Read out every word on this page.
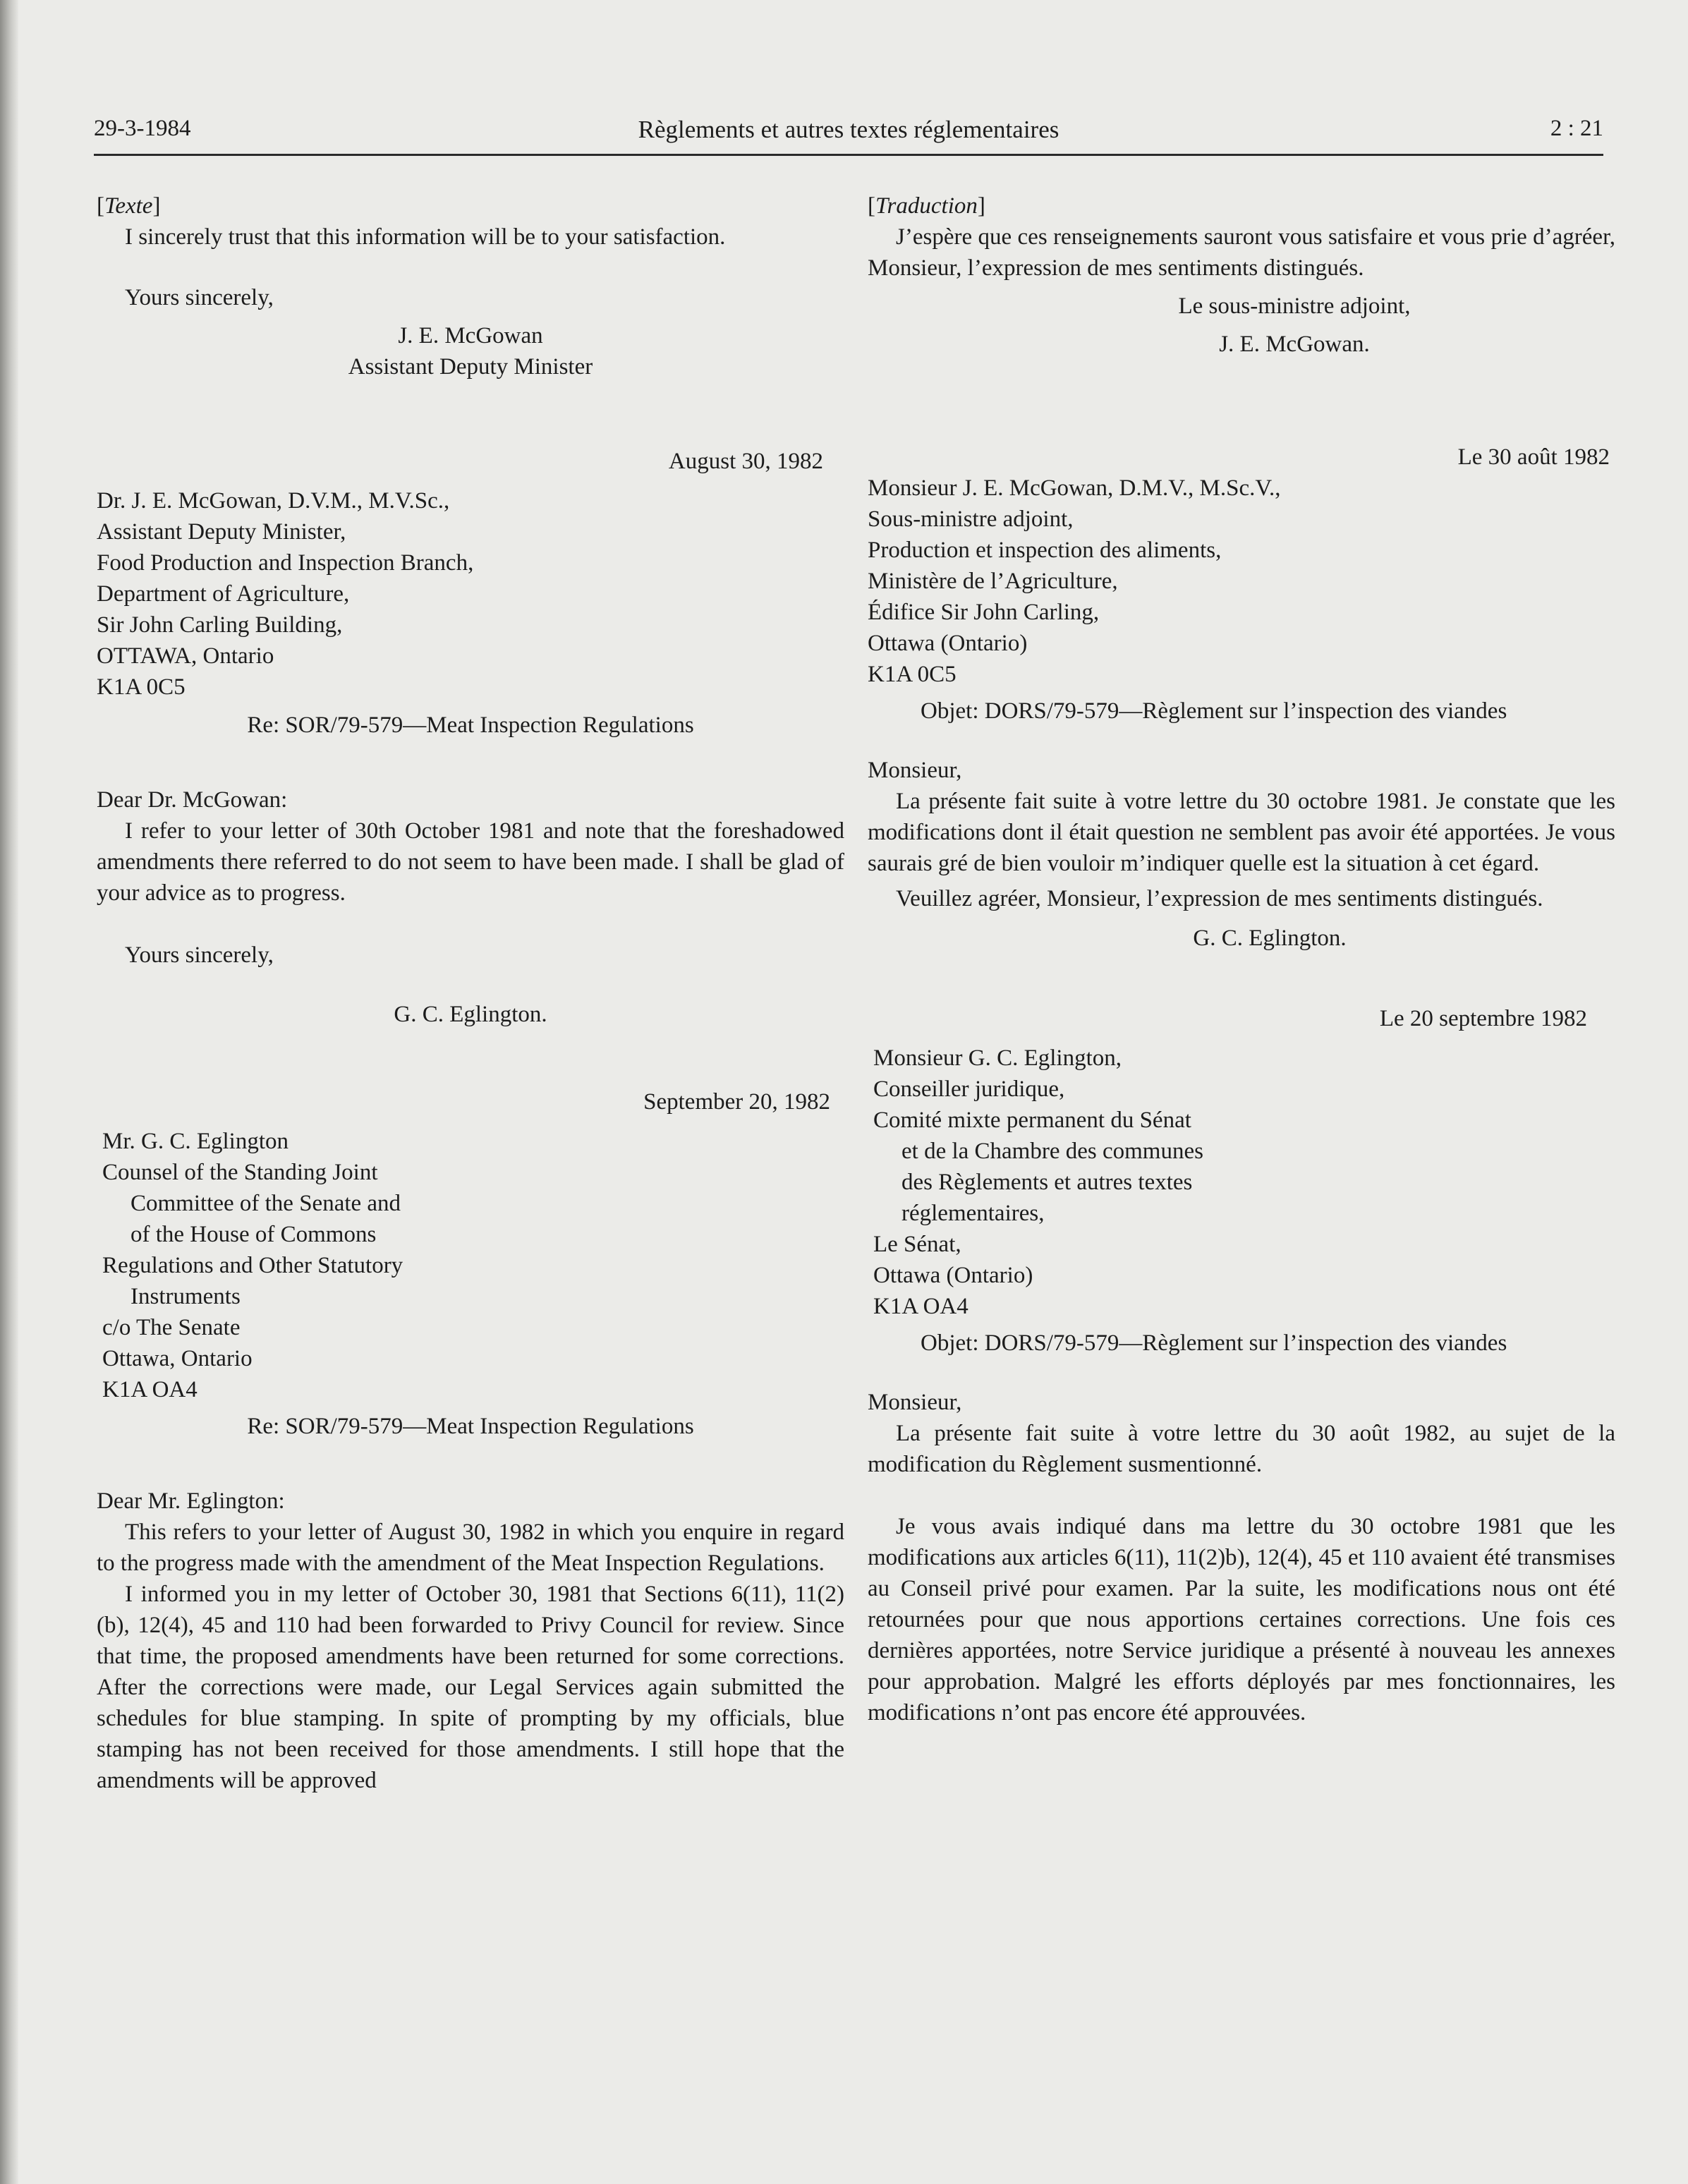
29-3-1984	Règlements et autres textes réglementaires	2 : 21

[Texte]

I sincerely trust that this information will be to your satisfaction.

Yours sincerely,

J. E. McGowan

Assistant Deputy Minister

August 30, 1982

Dr. J. E. McGowan, D.V.M., M.V.Sc.,

Assistant Deputy Minister,

Food Production and Inspection Branch,

Department of Agriculture,

Sir John Carling Building,

OTTAWA, Ontario

K1A 0C5

Re: SOR/79-579—Meat Inspection Regulations

Dear Dr. McGowan:

I refer to your letter of 30th October 1981 and note that the foreshadowed amendments there referred to do not seem to have been made. I shall be glad of your advice as to progress.

Yours sincerely,

G. C. Eglington.

September 20, 1982

Mr. G. C. Eglington

Counsel of the Standing Joint

Committee of the Senate and

of the House of Commons

Regulations and Other Statutory

Instruments

c/o The Senate

Ottawa, Ontario

K1A OA4

Re: SOR/79-579—Meat Inspection Regulations

Dear Mr. Eglington:

This refers to your letter of August 30, 1982 in which you enquire in regard to the progress made with the amendment of the Meat Inspection Regulations.

I informed you in my letter of October 30, 1981 that Sections 6(11), 11(2)(b), 12(4), 45 and 110 had been forwarded to Privy Council for review. Since that time, the proposed amendments have been returned for some corrections. After the corrections were made, our Legal Services again submitted the schedules for blue stamping. In spite of prompting by my officials, blue stamping has not been received for those amendments. I still hope that the amendments will be approved

[Traduction]

J’espère que ces renseignements sauront vous satisfaire et vous prie d’agréer, Monsieur, l’expression de mes sentiments distingués.

Le sous-ministre adjoint,

J. E. McGowan.

Le 30 août 1982

Monsieur J. E. McGowan, D.M.V., M.Sc.V.,

Sous-ministre adjoint,

Production et inspection des aliments,

Ministère de l’Agriculture,

Édifice Sir John Carling,

Ottawa (Ontario)

K1A 0C5

Objet: DORS/79-579—Règlement sur l’inspection des viandes

Monsieur,

La présente fait suite à votre lettre du 30 octobre 1981. Je constate que les modifications dont il était question ne semblent pas avoir été apportées. Je vous saurais gré de bien vouloir m’indiquer quelle est la situation à cet égard.

Veuillez agréer, Monsieur, l’expression de mes sentiments distingués.

G. C. Eglington.

Le 20 septembre 1982

Monsieur G. C. Eglington,

Conseiller juridique,

Comité mixte permanent du Sénat

et de la Chambre des communes

des Règlements et autres textes

réglementaires,

Le Sénat,

Ottawa (Ontario)

K1A OA4

Objet: DORS/79-579—Règlement sur l’inspection des viandes

Monsieur,

La présente fait suite à votre lettre du 30 août 1982, au sujet de la modification du Règlement susmentionné.

Je vous avais indiqué dans ma lettre du 30 octobre 1981 que les modifications aux articles 6(11), 11(2)b), 12(4), 45 et 110 avaient été transmises au Conseil privé pour examen. Par la suite, les modifications nous ont été retournées pour que nous apportions certaines corrections. Une fois ces dernières apportées, notre Service juridique a présenté à nouveau les annexes pour approbation. Malgré les efforts déployés par mes fonctionnaires, les modifications n’ont pas encore été approuvées.
